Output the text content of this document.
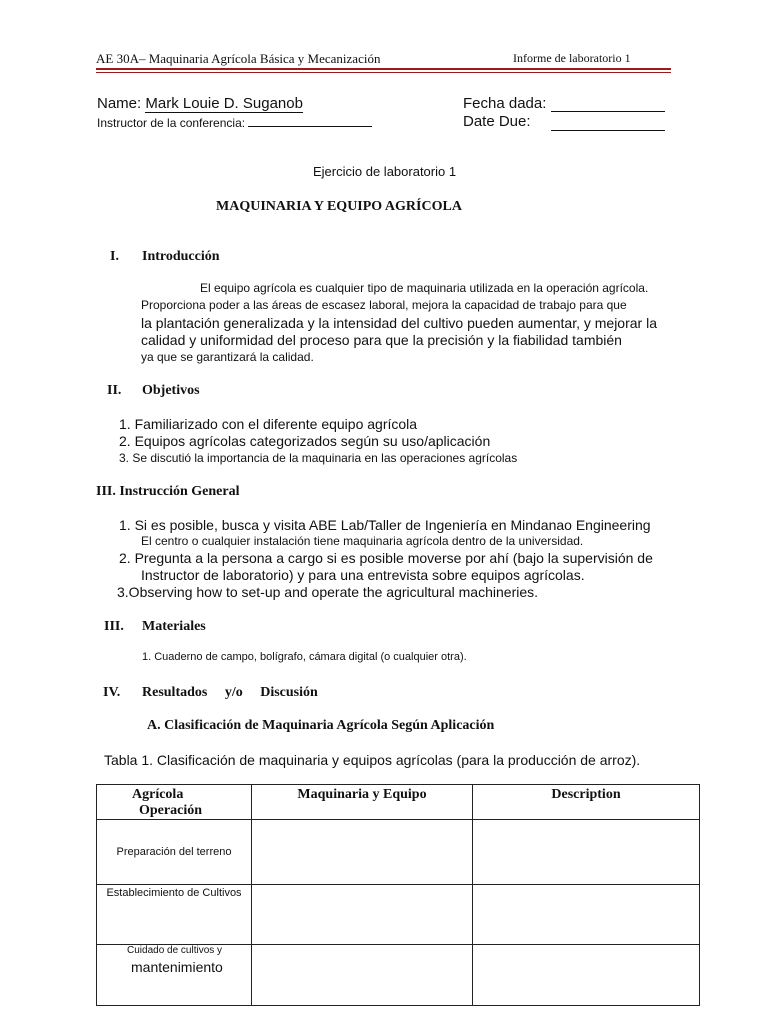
AE 30A– Maquinaria Agrícola Básica y Mecanización	Informe de laboratorio 1
Name: Mark Louie D. Suganob
Instructor de la conferencia:
Fecha dada:
Date Due:
Ejercicio de laboratorio 1
MAQUINARIA Y EQUIPO AGRÍCOLA
I. Introducción
El equipo agrícola es cualquier tipo de maquinaria utilizada en la operación agrícola.
Proporciona poder a las áreas de escasez laboral, mejora la capacidad de trabajo para que
la plantación generalizada y la intensidad del cultivo pueden aumentar, y mejorar la
calidad y uniformidad del proceso para que la precisión y la fiabilidad también
ya que se garantizará la calidad.
II. Objetivos
1. Familiarizado con el diferente equipo agrícola
2. Equipos agrícolas categorizados según su uso/aplicación
3. Se discutió la importancia de la maquinaria en las operaciones agrícolas
III. Instrucción General
1. Si es posible, busca y visita ABE Lab/Taller de Ingeniería en Mindanao Engineering
El centro o cualquier instalación tiene maquinaria agrícola dentro de la universidad.
2. Pregunta a la persona a cargo si es posible moverse por ahí (bajo la supervisión de
Instructor de laboratorio) y para una entrevista sobre equipos agrícolas.
3.Observing how to set-up and operate the agricultural machineries.
III. Materiales
1. Cuaderno de campo, bolígrafo, cámara digital (o cualquier otra).
IV. Resultados     y/o     Discusión
A. Clasificación de Maquinaria Agrícola Según Aplicación
Tabla 1. Clasificación de maquinaria y equipos agrícolas (para la producción de arroz).
Agrícola
Operación	Maquinaria y Equipo	Description

Preparación del terreno		

Establecimiento de Cultivos		

Cuidado de cultivos y
mantenimiento		
